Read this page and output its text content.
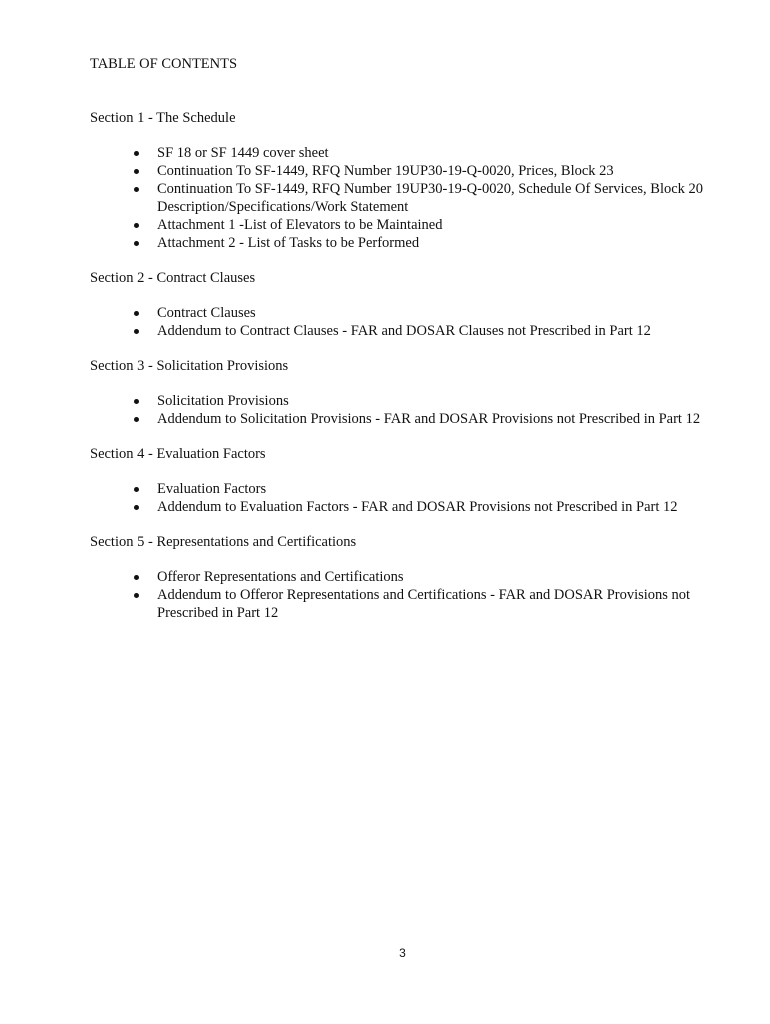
TABLE OF CONTENTS

Section 1 - The Schedule

SF 18 or SF 1449 cover sheet
Continuation To SF-1449, RFQ Number 19UP30-19-Q-0020, Prices, Block 23
Continuation To SF-1449, RFQ Number 19UP30-19-Q-0020, Schedule Of Services, Block 20 Description/Specifications/Work Statement
Attachment 1 -List of Elevators to be Maintained
Attachment 2 - List of Tasks to be Performed

Section 2 - Contract Clauses

Contract Clauses
Addendum to Contract Clauses - FAR and DOSAR Clauses not Prescribed in Part 12

Section 3 - Solicitation Provisions

Solicitation Provisions
Addendum to Solicitation Provisions - FAR and DOSAR Provisions not Prescribed in Part 12

Section 4 - Evaluation Factors

Evaluation Factors
Addendum to Evaluation Factors - FAR and DOSAR Provisions not Prescribed in Part 12

Section 5 - Representations and Certifications

Offeror Representations and Certifications
Addendum to Offeror Representations and Certifications - FAR and DOSAR Provisions not Prescribed in Part 12
3
